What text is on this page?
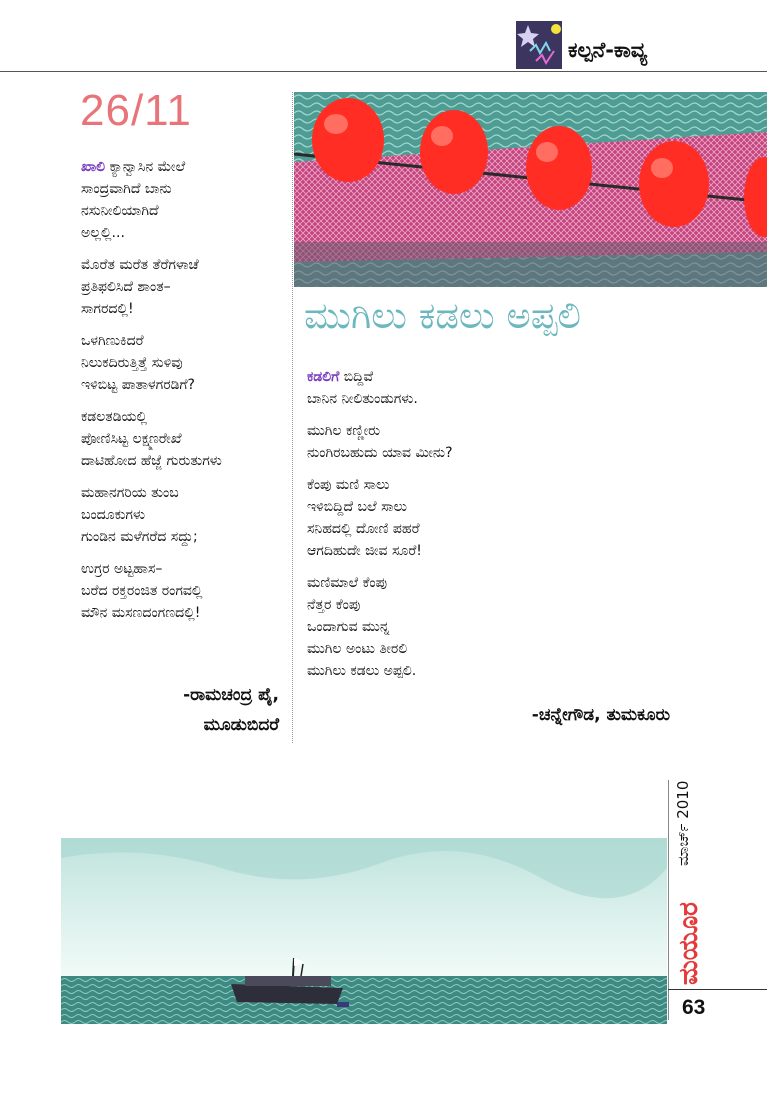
ಕಲ್ಪನೆ-ಕಾವ್ಯ
26/11
ಖಾಲಿ ಕ್ಯಾನ್ವಾಸಿನ ಮೇಲೆ
ಸಾಂದ್ರವಾಗಿದೆ ಬಾನು
ನಸುನೀಲಿಯಾಗಿದೆ
ಅಲ್ಲಲ್ಲಿ...
ಮೊರೆತ ಮರೆತ ತೆರೆಗಳಾಚೆ
ಪ್ರತಿಫಲಿಸಿದೆ ಶಾಂತ–
ಸಾಗರದಲ್ಲಿ!
ಒಳಗಿಣುಕಿದರೆ
ನಿಲುಕದಿರುತ್ತಿತ್ತೆ ಸುಳಿವು
ಇಳಿಬಿಟ್ಟ ಪಾತಾಳಗರಡಿಗೆ?
ಕಡಲತಡಿಯಲ್ಲಿ
ಪೋಣಿಸಿಟ್ಟ ಲಕ್ಷ್ಮಣರೇಖೆ
ದಾಟಿಹೋದ ಹೆಜ್ಜೆ ಗುರುತುಗಳು
ಮಹಾನಗರಿಯ ತುಂಬ
ಬಂದೂಕುಗಳು
ಗುಂಡಿನ ಮಳೆಗರೆದ ಸದ್ದು;
ಉಗ್ರರ ಅಟ್ಟಹಾಸ–
ಬರೆದ ರಕ್ತರಂಜಿತ ರಂಗವಲ್ಲಿ
ಮೌನ ಮಸಣದಂಗಣದಲ್ಲಿ!
-ರಾಮಚಂದ್ರ ಪೈ,
ಮೂಡುಬಿದರೆ
ಮುಗಿಲು ಕಡಲು ಅಪ್ಪಲಿ
ಕಡಲಿಗೆ ಬಿದ್ದಿವೆ
ಬಾನಿನ ನೀಲಿತುಂಡುಗಳು.
ಮುಗಿಲ ಕಣ್ಣೀರು
ನುಂಗಿರಬಹುದು ಯಾವ ಮೀನು?
ಕೆಂಪು ಮಣಿ ಸಾಲು
ಇಳಿಬಿದ್ದಿದೆ ಬಲೆ ಸಾಲು
ಸನಿಹದಲ್ಲಿ ದೋಣಿ ಪಹರೆ
ಆಗದಿಹುದೇ ಜೀವ ಸೂರೆ!
ಮಣಿಮಾಲೆ ಕೆಂಪು
ನೆತ್ತರ ಕೆಂಪು
ಒಂದಾಗುವ ಮುನ್ನ
ಮುಗಿಲ ಅಂಟು ತೀರಲಿ
ಮುಗಿಲು ಕಡಲು ಅಪ್ಪಲಿ.
-ಚನ್ನೇಗೌಡ, ತುಮಕೂರು
ಮಾರ್ಚ್ 2010
ಮಯೂರ
63
